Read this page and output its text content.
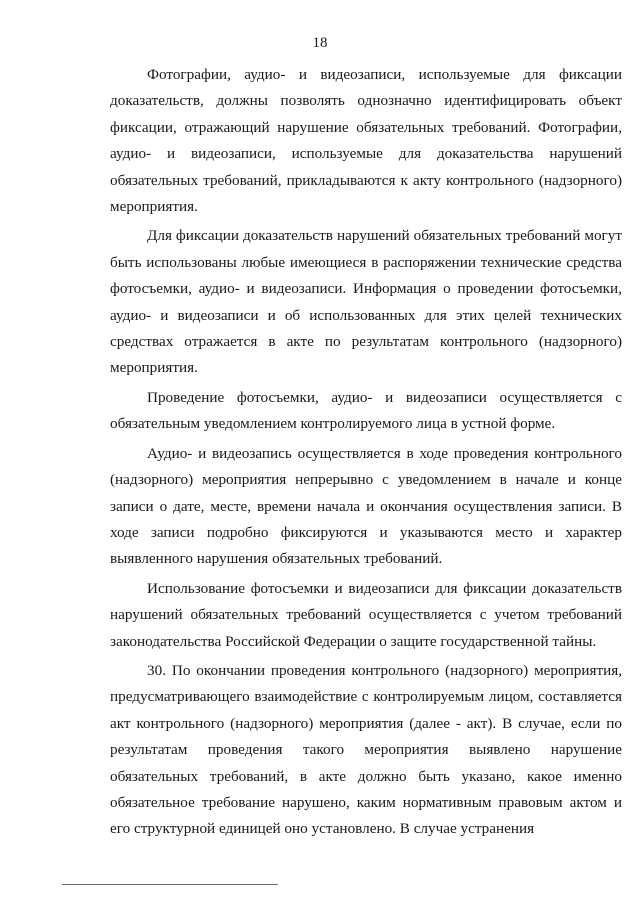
18

Фотографии, аудио- и видеозаписи, используемые для фиксации доказательств, должны позволять однозначно идентифицировать объект фиксации, отражающий нарушение обязательных требований. Фотографии, аудио- и видеозаписи, используемые для доказательства нарушений обязательных требований, прикладываются к акту контрольного (надзорного) мероприятия.

Для фиксации доказательств нарушений обязательных требований могут быть использованы любые имеющиеся в распоряжении технические средства фотосъемки, аудио- и видеозаписи. Информация о проведении фотосъемки, аудио- и видеозаписи и об использованных для этих целей технических средствах отражается в акте по результатам контрольного (надзорного) мероприятия.

Проведение фотосъемки, аудио- и видеозаписи осуществляется с обязательным уведомлением контролируемого лица в устной форме.

Аудио- и видеозапись осуществляется в ходе проведения контрольного (надзорного) мероприятия непрерывно с уведомлением в начале и конце записи о дате, месте, времени начала и окончания осуществления записи. В ходе записи подробно фиксируются и указываются место и характер выявленного нарушения обязательных требований.

Использование фотосъемки и видеозаписи для фиксации доказательств нарушений обязательных требований осуществляется с учетом требований законодательства Российской Федерации о защите государственной тайны.

30. По окончании проведения контрольного (надзорного) мероприятия, предусматривающего взаимодействие с контролируемым лицом, составляется акт контрольного (надзорного) мероприятия (далее - акт). В случае, если по результатам проведения такого мероприятия выявлено нарушение обязательных требований, в акте должно быть указано, какое именно обязательное требование нарушено, каким нормативным правовым актом и его структурной единицей оно установлено. В случае устранения
